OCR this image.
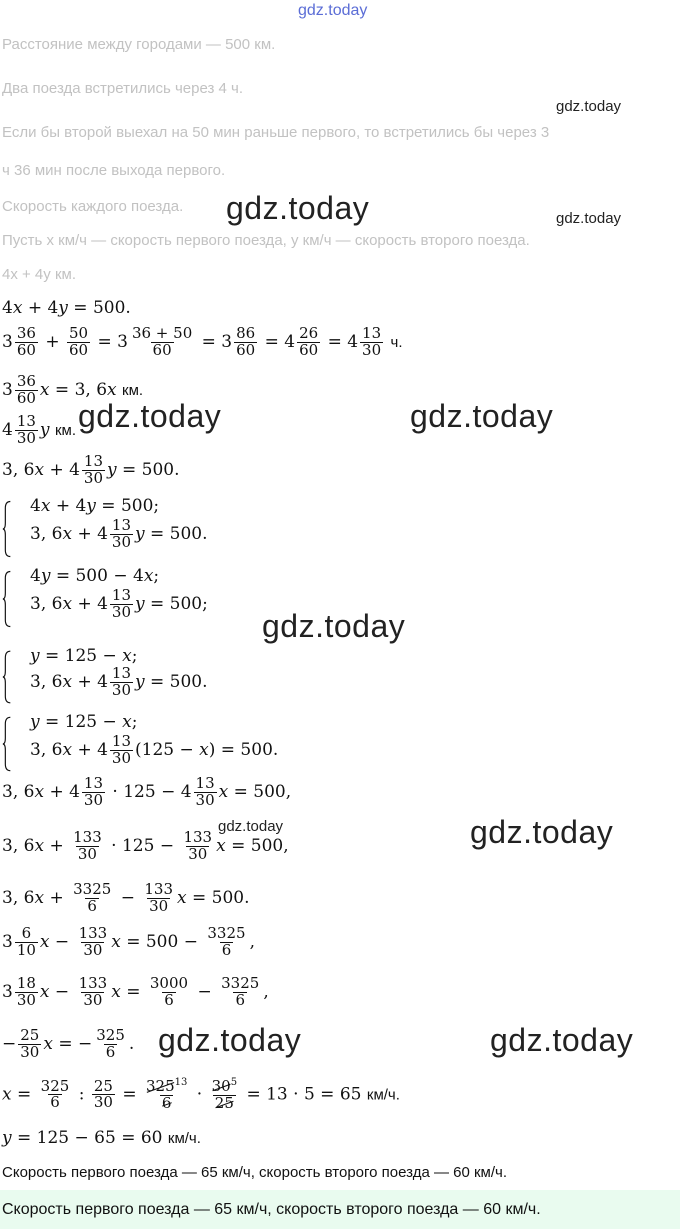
gdz.today
Расстояние между городами — 500 км.
Два поезда встретились через 4 ч.
gdz.today
Если бы второй выехал на 50 мин раньше первого, то встретились бы через 3
ч 36 мин после выхода первого.
Скорость каждого поезда. gdz.today	gdz.today
Пусть x км/ч — скорость первого поезда, y км/ч — скорость второго поезда.
4x + 4y км.
4x + 4y = 500.
$3 \frac{36}{60} + \frac{50}{60} = 3 \frac{36 + 50}{60} = 3 \frac{86}{60} = 4 \frac{26}{60} = 4 \frac{13}{30} ч$.
$3 \frac{36}{60}$ x = 3, 6x км.
gdz.today	gdz.today
$4 \frac{13}{30}$ y км.
3, $6x + 4 \frac{13}{30}$ y = 500.
4x + 4y = 500;
3, $6x + 4 \frac{13}{30}$ y = 500.
4y = 500 − 4x;
3, $6x + 4 \frac{13}{30}$ y = 500;
gdz.today
y = 125 − x;
3, $6x + 4 \frac{13}{30}$ y = 500.
y = 125 − x;
3, $6x + 4 \frac{13}{30} (125 - x) = 500$.
3, $6x + 4 \frac{13}{30} \cdot 125 - 4 \frac{13}{30}$ x = 500,
gdz.today	gdz.today
3, $6x + \frac{133}{30} \cdot 125 - \frac{133}{30}$ x = 500,
3, $6x + \frac{3325}{6} - \frac{133}{30}$ x = 500.
$3 \frac{6}{10}$ $x - \frac{133}{30}$ $x = 500 - \frac{3325}{6}$ ,
$3 \frac{18}{30}$ $x - \frac{133}{30}$ $x = \frac{3000}{6} - \frac{3325}{6}$ ,
− $\frac{25}{30}$ x = − $\frac{325}{6}$ . gdz.today	gdz.today
$x = \frac{325}{6}$ : $\frac{25}{30} = \frac{325^{13}}{6} \cdot \frac{30^5}{25} = 13 \cdot 5 = 65$ км/ч.
y = 125 − 65 = 60 км/ч.
Скорость первого поезда — 65 км/ч, скорость второго поезда — 60 км/ч.
Скорость первого поезда — 65 км/ч, скорость второго поезда — 60 км/ч.
